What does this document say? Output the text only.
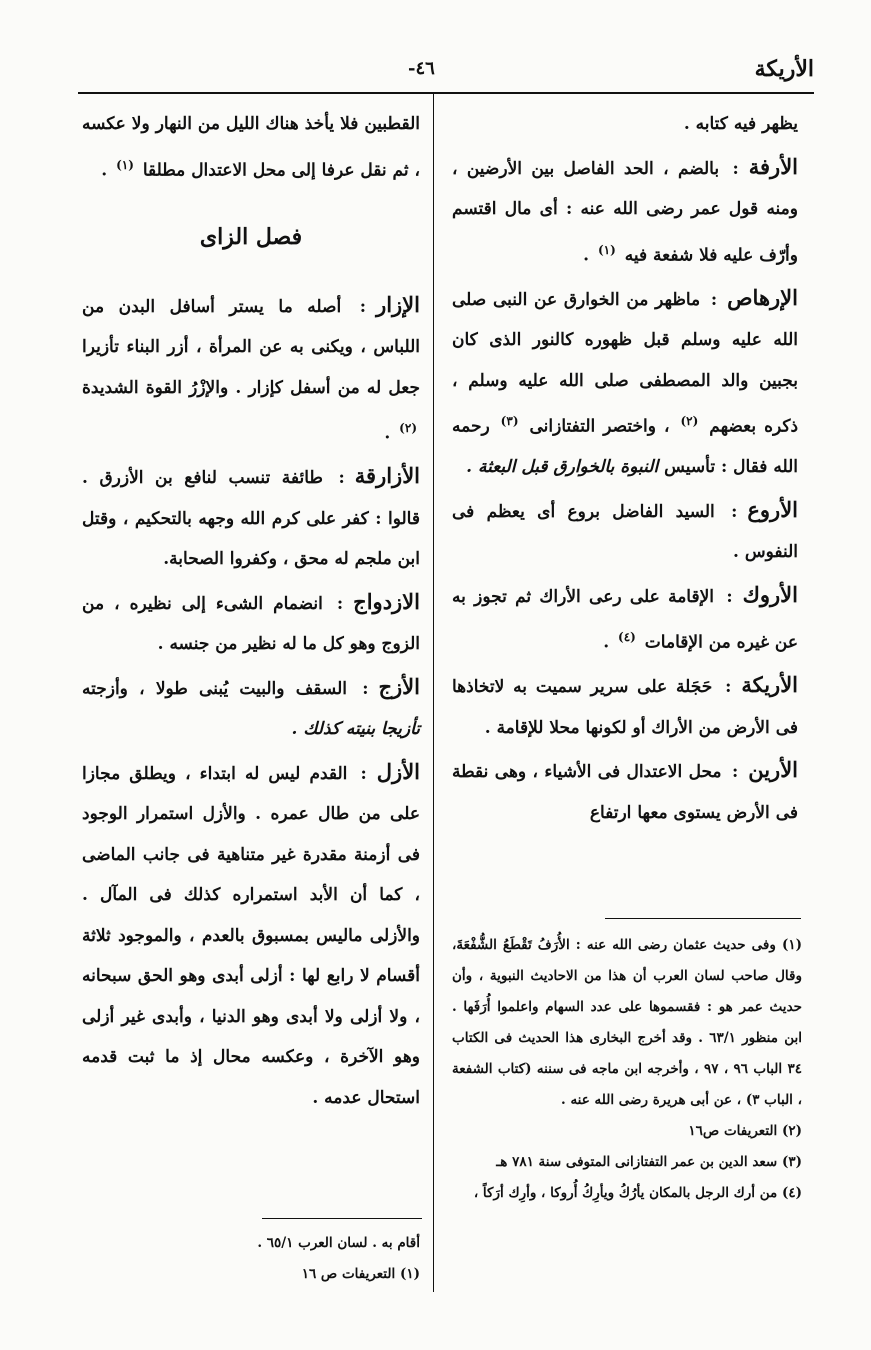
الأريكة
-٤٦
يظهر فيه كتابه .
الأرفة: بالضم ، الحد الفاصل بين الأرضين ، ومنه قول عمر رضى الله عنه : أى مال اقتسم وأرّف عليه فلا شفعة فيه $^{(١)}$ .
الإرهاص: ماظهر من الخوارق عن النبى صلى الله عليه وسلم قبل ظهوره كالنور الذى كان بجبين والد المصطفى صلى الله عليه وسلم ، ذكره بعضهم $^{(٢)}$ ، واختصر التفتازانى $^{(٣)}$ رحمه الله فقال : تأسيس النبوة بالخوارق قبل البعثة .
الأروع: السيد الفاضل بروع أى يعظم فى النفوس .
الأروك: الإقامة على رعى الأراك ثم تجوز به عن غيره من الإقامات $^{(٤)}$ .
الأريكة: حَجَلة على سرير سميت به لاتخاذها فى الأرض من الأراك أو لكونها محلا للإقامة .
الأرين: محل الاعتدال فى الأشياء ، وهى نقطة فى الأرض يستوى معها ارتفاع
القطبين فلا يأخذ هناك الليل من النهار ولا عكسه ، ثم نقل عرفا إلى محل الاعتدال مطلقا $^{(١)}$ .
فصل الزاى
الإزار: أصله ما يستر أسافل البدن من اللباس ، ويكنى به عن المرأة ، أزر البناء تأزيرا جعل له من أسفل كإزار . والإزْرُ القوة الشديدة $^{(٢)}$ .
الأزارقة: طائفة تنسب لنافع بن الأزرق . قالوا : كفر على كرم الله وجهه بالتحكيم ، وقتل ابن ملجم له محق ، وكفروا الصحابة.
الازدواج: انضمام الشىء إلى نظيره ، من الزوج وهو كل ما له نظير من جنسه .
الأزج: السقف والبيت يُبنى طولا ، وأزجته تأزيجا بنيته كذلك .
الأزل: القدم ليس له ابتداء ، ويطلق مجازا على من طال عمره . والأزل استمرار الوجود فى أزمنة مقدرة غير متناهية فى جانب الماضى ، كما أن الأبد استمراره كذلك فى المآل . والأزلى ماليس بمسبوق بالعدم ، والموجود ثلاثة أقسام لا رابع لها : أزلى أبدى وهو الحق سبحانه ، ولا أزلى ولا أبدى وهو الدنيا ، وأبدى غير أزلى وهو الآخرة ، وعكسه محال إذ ما ثبت قدمه استحال عدمه .

(١) وفى حديث عثمان رضى الله عنه : الأُرَفُ تَقْطَعُ الشُّفْعَةَ، وقال صاحب لسان العرب أن هذا من الاحاديث النبوية ، وأن حديث عمر هو : فقسموها على عدد السهام واعلموا أُرَفَها . ابن منظور ٦٣/١ . وقد أخرج البخارى هذا الحديث فى الكتاب ٣٤ الباب ٩٦ ، ٩٧ ، وأخرجه ابن ماجه فى سننه (كتاب الشفعة ، الباب ٣) ، عن أبى هريرة رضى الله عنه .

(٢) التعريفات ص١٦

(٣) سعد الدين بن عمر التفتازانى المتوفى سنة ٧٨١ هـ

(٤) من أرك الرجل بالمكان يأرُكُ ويأرِكُ أُروكا ، وأرِك أرَكاً ،

أقام به . لسان العرب ٦٥/١ .

(١) التعريفات ص ١٦
